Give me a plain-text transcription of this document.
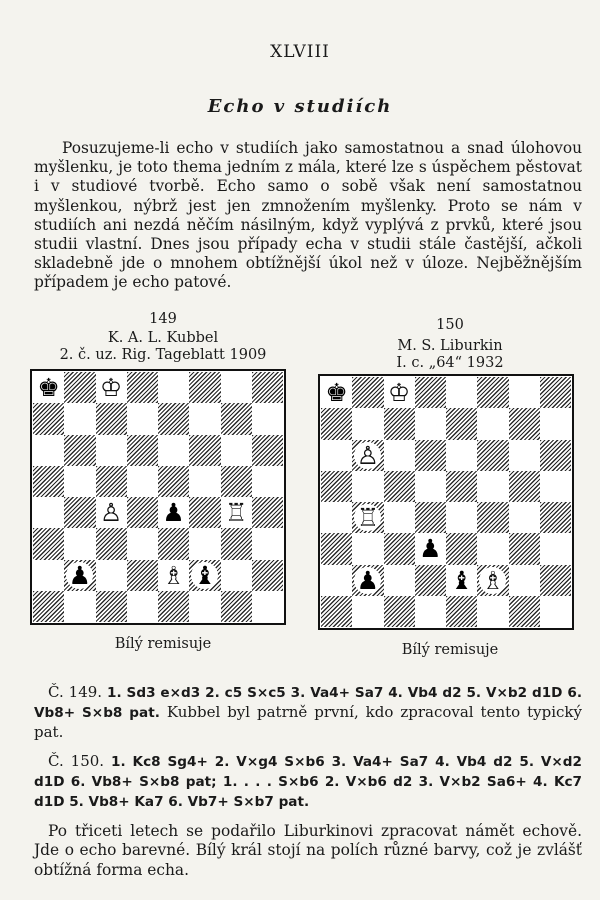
XLVIII
Echo v studiích

Posuzujeme-li echo v studiích jako samostatnou a snad úlohovou myšlenku, je toto thema jedním z mála, které lze s úspěchem pěstovat i v studiové tvorbě. Echo samo o sobě však není samostatnou myšlenkou, nýbrž jest jen zmnožením myšlenky. Proto se nám v studiích ani nezdá něčím násilným, když vyplývá z prvků, které jsou studii vlastní. Dnes jsou případy echa v studii stále častější, ačkoli skladebně jde o mnohem obtížnější úkol než v úloze. Nejběžnějším případem je echo patové.

149
K. A. L. Kubbel
2. č. uz. Rig. Tageblatt 1909
♚ ♔
♙ ♟ ♖
♟	♗ ♝
Bílý remisuje
150
M. S. Liburkin
I. c. „64“ 1932
♚ ♔
♙
♖
♟
♟	♝ ♗
Bílý remisuje

Č. 149. 1. Sd3 e×d3 2. c5 S×c5 3. Va4+ Sa7 4. Vb4 d2 5. V×b2 d1D 6. Vb8+ S×b8 pat. Kubbel byl patrně první, kdo zpracoval tento typický pat.

Č. 150. 1. Kc8 Sg4+ 2. V×g4 S×b6 3. Va4+ Sa7 4. Vb4 d2 5. V×d2 d1D 6. Vb8+ S×b8 pat; 1. . . . S×b6 2. V×b6 d2 3. V×b2 Sa6+ 4. Kc7 d1D 5. Vb8+ Ka7 6. Vb7+ S×b7 pat.

Po třiceti letech se podařilo Liburkinovi zpracovat námět echově. Jde o echo barevné. Bílý král stojí na polích různé barvy, což je zvlášť obtížná forma echa.
